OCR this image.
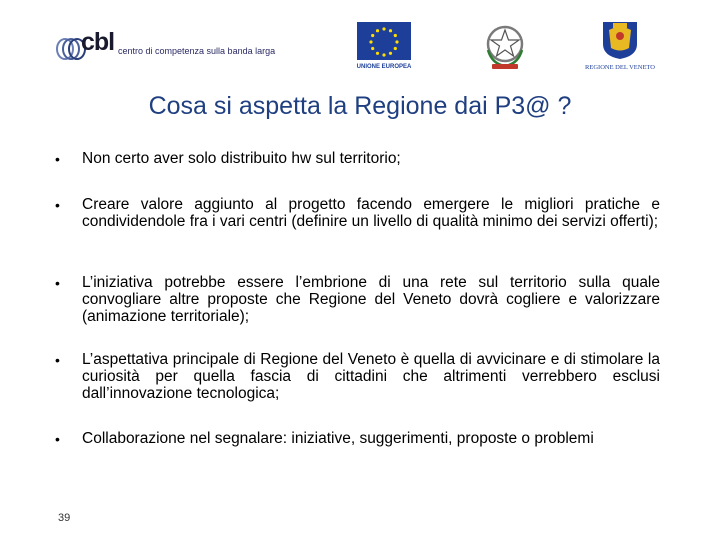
cbl centro di competenza sulla banda larga
UNIONE EUROPEA	REGIONE DEL VENETO
Cosa si aspetta la Regione dai P3@ ?
• Non certo aver solo distribuito hw sul territorio;
• Creare valore aggiunto al progetto facendo emergere le migliori pratiche e condividendole fra i vari centri (definire un livello di qualità minimo dei servizi offerti);
• L’iniziativa potrebbe essere l’embrione di una rete sul territorio sulla quale convogliare altre proposte che Regione del Veneto dovrà cogliere e valorizzare (animazione territoriale);
• L’aspettativa principale di Regione del Veneto è quella di avvicinare e di stimolare la curiosità per quella fascia di cittadini che altrimenti verrebbero esclusi dall’innovazione tecnologica;
• Collaborazione nel segnalare: iniziative, suggerimenti, proposte o problemi
39
